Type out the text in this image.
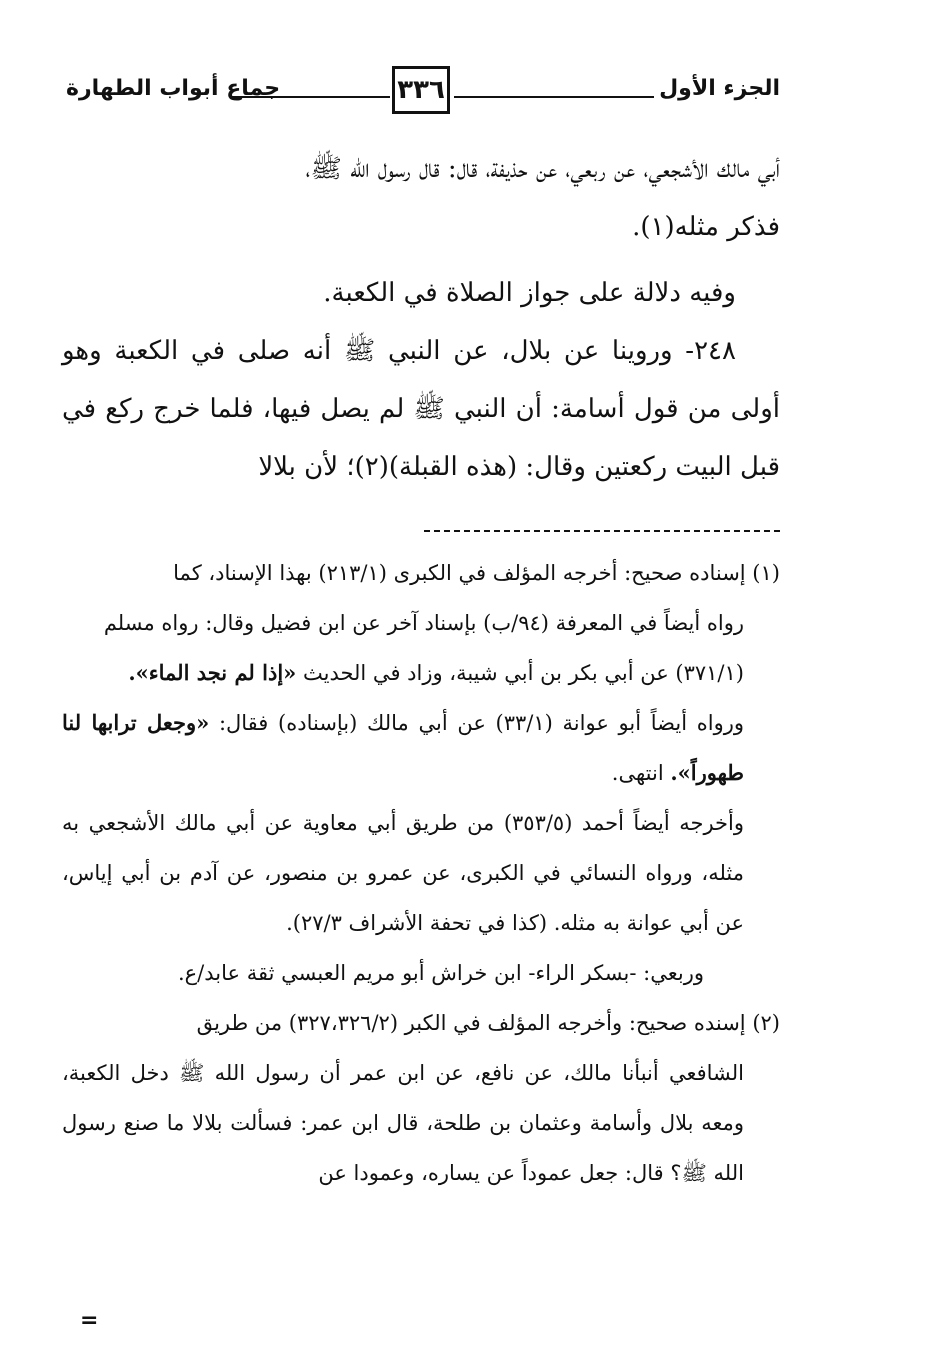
الجزء الأول
٣٣٦
جماع أبواب الطهارة

أبي مالك الأشجعي، عن ربعي، عن حذيفة، قال: قال رسول الله ﷺ،

فذكر مثله(١).

وفيه دلالة على جواز الصلاة في الكعبة.

٢٤٨- وروينا عن بلال، عن النبي ﷺ أنه صلى في الكعبة وهو أولى من قول أسامة: أن النبي ﷺ لم يصل فيها، فلما خرج ركع في قبل البيت ركعتين وقال: (هذه القبلة)(٢)؛ لأن بلالا

(١) إسناده صحيح: أخرجه المؤلف في الكبرى (٢١٣/١) بهذا الإسناد، كما

رواه أيضاً في المعرفة (٩٤/ب) بإسناد آخر عن ابن فضيل وقال: رواه مسلم

(٣٧١/١) عن أبي بكر بن أبي شيبة، وزاد في الحديث «إذا لم نجد الماء».

ورواه أيضاً أبو عوانة (٣٣/١) عن أبي مالك (بإسناده) فقال: «وجعل ترابها لنا طهوراً». انتهى.

وأخرجه أيضاً أحمد (٣٥٣/٥) من طريق أبي معاوية عن أبي مالك الأشجعي به مثله، ورواه النسائي في الكبرى، عن عمرو بن منصور، عن آدم بن أبي إياس، عن أبي عوانة به مثله. (كذا في تحفة الأشراف ٢٧/٣).

وربعي: -بسكر الراء- ابن خراش أبو مريم العبسي ثقة عابد/ع.

(٢) إسنده صحيح: وأخرجه المؤلف في الكبر (٣٢٧،٣٢٦/٢) من طريق

الشافعي أنبأنا مالك، عن نافع، عن ابن عمر أن رسول الله ﷺ دخل الكعبة، ومعه بلال وأسامة وعثمان بن طلحة، قال ابن عمر: فسألت بلالا ما صنع رسول الله ﷺ؟ قال: جعل عموداً عن يساره، وعمودا عن

=
